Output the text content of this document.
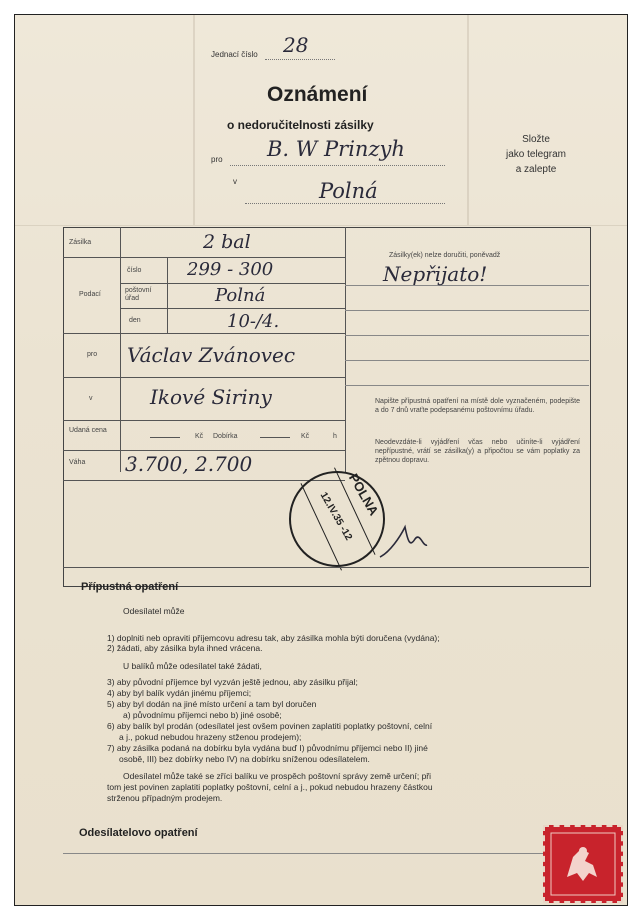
Jednací číslo 28
Oznámení
o nedoručitelnosti zásilky
pro B. W Prinzyh
v	Polná
Složte
jako telegram
a zalepte
Zásilka	2 bal
Podací
číslo	299 - 300
poštovní úřad	Polná
den	10-/4.
pro Václav Zvánovec
v	Ikové Siriny
Udaná cena
Kč Dobírka	Kč	h
Váha 3.700, 2.700
Zásilky(ek) nelze doručiti, poněvadž
Nepřijato!
Napište přípustná opatření na místě dole vyznačeném, podepište a do 7 dnů vraťte podepsanému poštovnímu úřadu.
Neodevzdáte-li vyjádření včas nebo učiníte-li vyjádření nepřípustné, vrátí se zásilka(y) a připočtou se vám poplatky za zpětnou dopravu.
POLNA
12.IV.35 -12
Přípustná opatření
Odesílatel může
1) doplniti neb opraviti příjemcovu adresu tak, aby zásilka mohla býti doručena (vydána);
2) žádati, aby zásilka byla ihned vrácena.
U balíků může odesílatel také žádati,
3) aby původní příjemce byl vyzván ještě jednou, aby zásilku přijal;
4) aby byl balík vydán jinému příjemci;
5) aby byl dodán na jiné místo určení a tam byl doručen
a) původnímu příjemci nebo b) jiné osobě;
6) aby balík byl prodán (odesílatel jest ovšem povinen zaplatiti poplatky poštovní, celní
a j., pokud nebudou hrazeny stženou prodejem);
7) aby zásilka podaná na dobírku byla vydána buď I) původnímu příjemci nebo II) jiné
osobě, III) bez dobírky nebo IV) na dobírku sníženou odesílatelem.
Odesílatel může také se zříci balíku ve prospěch poštovní správy země určení; při
tom jest povinen zaplatiti poplatky poštovní, celní a j., pokud nebudou hrazeny částkou
strženou případným prodejem.
Odesílatelovo opatření
